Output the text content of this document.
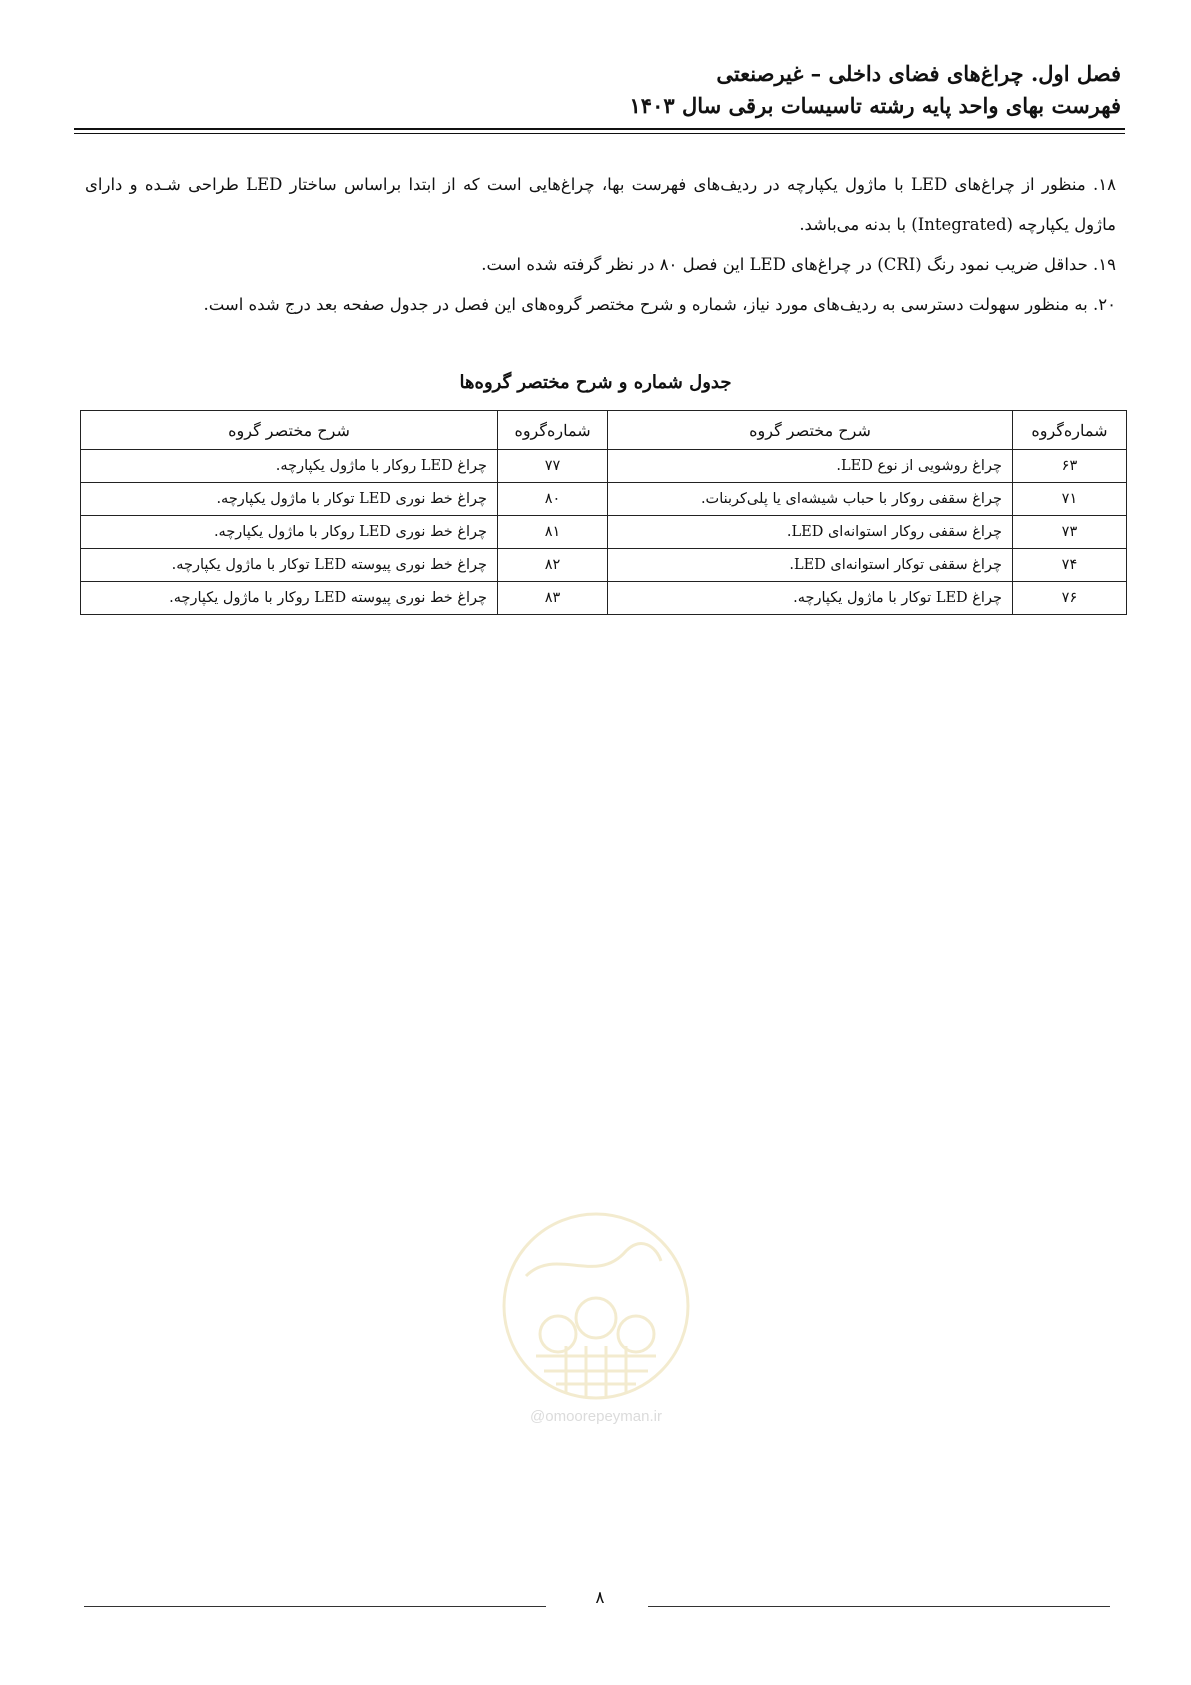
فصل اول. چراغ‌های فضای داخلی – غیرصنعتی
فهرست بهای واحد پایه رشته تاسیسات برقی سال ۱۴۰۳

۱۸. منظور از چراغ‌های LED با ماژول یکپارچه در ردیف‌های فهرست بها، چراغ‌هایی است که از ابتدا براساس ساختار LED طراحی شـده و دارای ماژول یکپارچه (Integrated) با بدنه می‌باشد.

۱۹. حداقل ضریب نمود رنگ (CRI) در چراغ‌های LED این فصل ۸۰ در نظر گرفته شده است.

۲۰. به منظور سهولت دسترسی به ردیف‌های مورد نیاز، شماره و شرح مختصر گروه‌های این فصل در جدول صفحه بعد درج شده است.

جدول شماره و شرح مختصر گروه‌ها
شماره‌گروه	شرح مختصر گروه	شماره‌گروه	شرح مختصر گروه
۶۳	چراغ روشویی از نوع LED.	۷۷	چراغ LED روکار با ماژول یکپارچه.
۷۱	چراغ سقفی روکار با حباب شیشه‌ای یا پلی‌کربنات.	۸۰	چراغ خط نوری LED توکار با ماژول یکپارچه.
۷۳	چراغ سقفی روکار استوانه‌ای LED.	۸۱	چراغ خط نوری LED روکار با ماژول یکپارچه.
۷۴	چراغ سقفی توکار استوانه‌ای LED.	۸۲	چراغ خط نوری پیوسته LED توکار با ماژول یکپارچه.
۷۶	چراغ LED توکار با ماژول یکپارچه.	۸۳	چراغ خط نوری پیوسته LED روکار با ماژول یکپارچه.
@omoorepeyman.ir
۸
